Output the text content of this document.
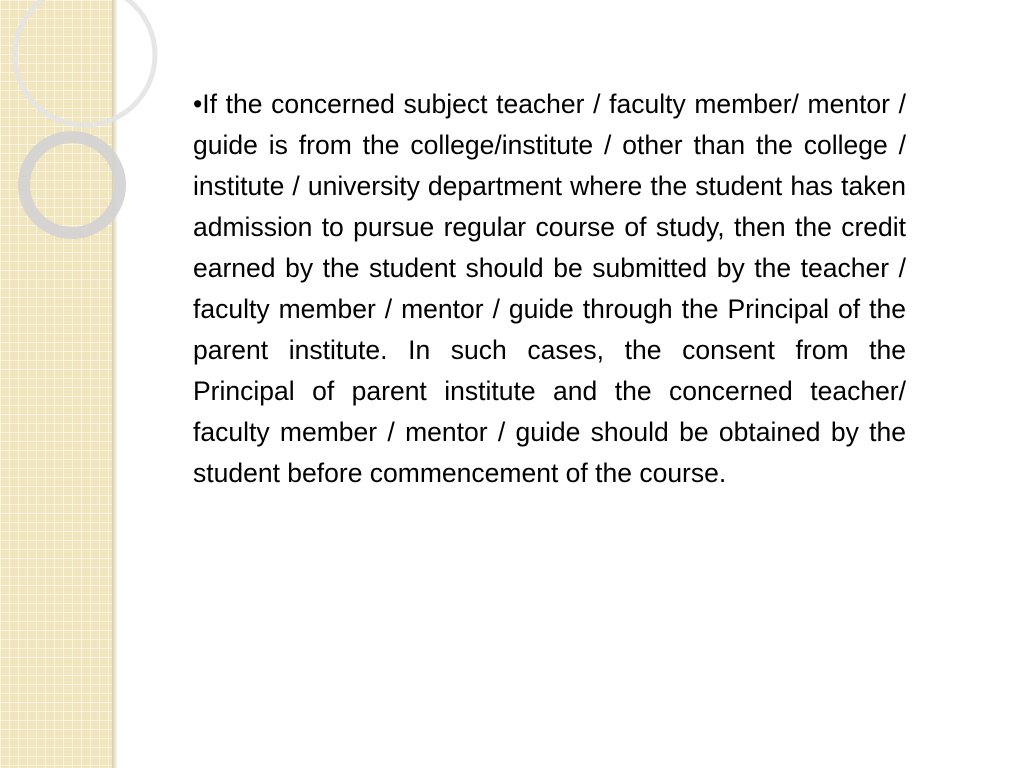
•If the concerned subject teacher / faculty member/ mentor / guide is from the college/institute / other than the college / institute / university department where the student has taken admission to pursue regular course of study, then the credit earned by the student should be submitted by the teacher / faculty member / mentor / guide through the Principal of the parent institute. In such cases, the consent from the Principal of parent institute and the concerned teacher/ faculty member / mentor / guide should be obtained by the student before commencement of the course.
